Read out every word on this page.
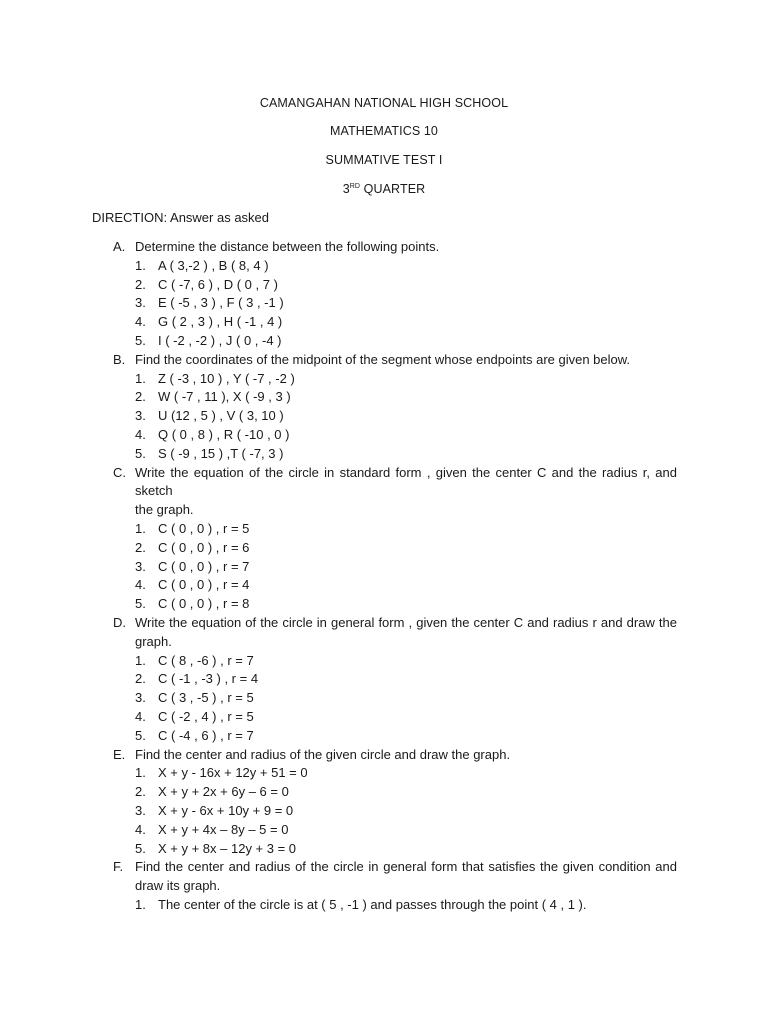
CAMANGAHAN NATIONAL HIGH SCHOOL
MATHEMATICS 10
SUMMATIVE TEST I
3RD QUARTER
DIRECTION: Answer as asked
A. Determine the distance between the following points.
1. A ( 3,-2 ) , B ( 8, 4 )
2. C ( -7, 6 ) , D ( 0 , 7 )
3. E ( -5 , 3 ) , F ( 3 , -1 )
4. G ( 2 , 3 ) , H ( -1 , 4 )
5. I ( -2 , -2 ) , J ( 0 , -4 )
B. Find the coordinates of the midpoint of the segment whose endpoints are given below.
1. Z ( -3 , 10 ) , Y ( -7 , -2 )
2. W ( -7 , 11 ), X ( -9 , 3 )
3. U (12 , 5 ) , V ( 3, 10 )
4. Q ( 0 , 8 ) , R ( -10 , 0 )
5. S ( -9 , 15 ) ,T ( -7, 3 )
C. Write the equation of the circle in standard form , given the center C and the radius r, and sketch
the graph.
1. C ( 0 , 0 ) , r = 5
2. C ( 0 , 0 ) , r = 6
3. C ( 0 , 0 ) , r = 7
4. C ( 0 , 0 ) , r = 4
5. C ( 0 , 0 ) , r = 8
D. Write the equation of the circle in general form , given the center C and radius r and draw the graph.
1. C ( 8 , -6 ) , r = 7
2. C ( -1 , -3 ) , r = 4
3. C ( 3 , -5 ) , r = 5
4. C ( -2 , 4 ) , r = 5
5. C ( -4 , 6 ) , r = 7
E. Find the center and radius of the given circle and draw the graph.
1. X + y - 16x + 12y + 51 = 0
2. X + y + 2x + 6y – 6 = 0
3. X + y - 6x + 10y + 9 = 0
4. X + y + 4x – 8y – 5 = 0
5. X + y + 8x – 12y + 3 = 0
F. Find the center and radius of the circle in general form that satisfies the given condition and draw its graph.
1. The center of the circle is at ( 5 , -1 ) and passes through the point ( 4 , 1 ).
